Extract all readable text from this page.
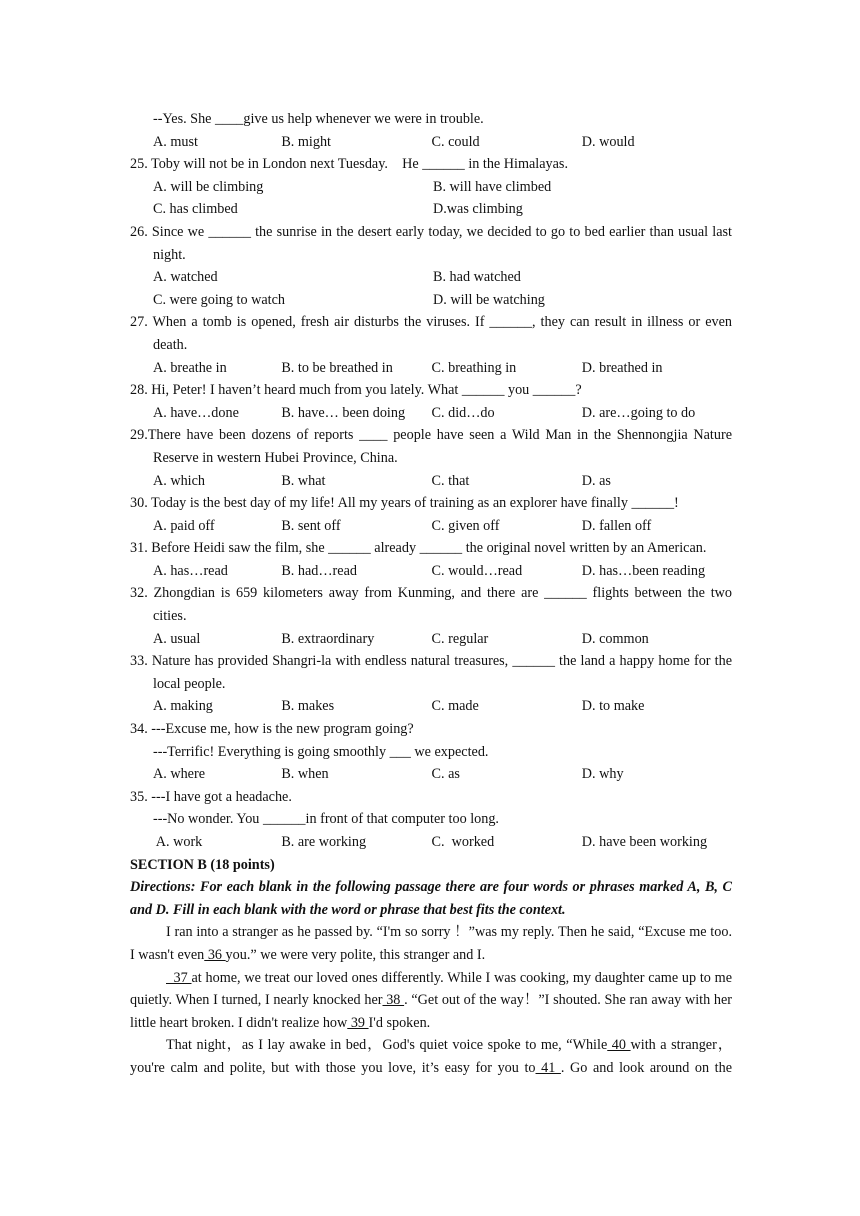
--Yes. She ____give us help whenever we were in trouble.
A. must	B. might	C. could	D. would
25. Toby will not be in London next Tuesday.    He ______ in the Himalayas.
A. will be climbing	B. will have climbed
C. has climbed	D.was climbing
26. Since we ______ the sunrise in the desert early today, we decided to go to bed earlier than usual last night.
A. watched	B. had watched
C. were going to watch	D. will be watching
27. When a tomb is opened, fresh air disturbs the viruses. If ______, they can result in illness or even death.
A. breathe in	B. to be breathed in	C. breathing in	D. breathed in
28. Hi, Peter! I haven’t heard much from you lately. What ______ you ______?
A. have…done	B. have… been doing	C. did…do	D. are…going to do
29.There have been dozens of reports ____ people have seen a Wild Man in the Shennongjia Nature Reserve in western Hubei Province, China.
A. which	B. what	C. that	D. as
30. Today is the best day of my life! All my years of training as an explorer have finally ______!
A. paid off	B. sent off	C. given off	D. fallen off
31. Before Heidi saw the film, she ______ already ______ the original novel written by an American.
A. has…read	B. had…read	C. would…read	D. has…been reading
32. Zhongdian is 659 kilometers away from Kunming, and there are ______ flights between the two cities.
A. usual	B. extraordinary	C. regular	D. common
33. Nature has provided Shangri-la with endless natural treasures, ______ the land a happy home for the local people.
A. making	B. makes	C. made	D. to make
34. ---Excuse me, how is the new program going?
---Terrific! Everything is going smoothly ___ we expected.
A. where	B. when	C. as	D. why
35. ---I have got a headache.
---No wonder. You ______in front of that computer too long.
A. work	B. are working	C.  worked	D. have been working
SECTION B (18 points)
Directions: For each blank in the following passage there are four words or phrases marked A, B, C and D. Fill in each blank with the word or phrase that best fits the context.
I ran into a stranger as he passed by. “I'm so sorry ！”was my reply. Then he said, “Excuse me too. I wasn't even 36 you.” we were very polite, this stranger and I.
37 at home, we treat our loved ones differently. While I was cooking, my daughter came up to me quietly. When I turned, I nearly knocked her 38 . “Get out of the way！”I shouted. She ran away with her little heart broken. I didn't realize how 39 I'd spoken.
That night，as I lay awake in bed，God's quiet voice spoke to me, “While 40 with a stranger，you're calm and polite, but with those you love, it’s easy for you to 41 . Go and look around on the
